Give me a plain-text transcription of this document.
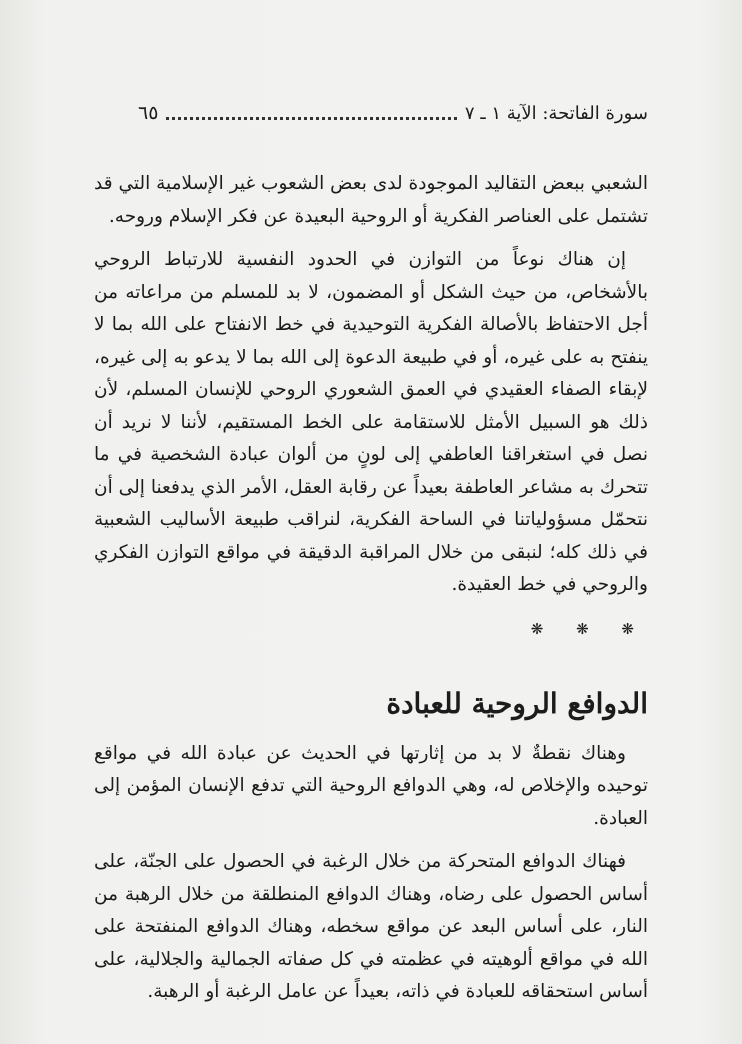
سورة الفاتحة: الآية ١ ـ ٧
٦٥

الشعبي ببعض التقاليد الموجودة لدى بعض الشعوب غير الإسلامية التي قد تشتمل على العناصر الفكرية أو الروحية البعيدة عن فكر الإسلام وروحه.

إن هناك نوعاً من التوازن في الحدود النفسية للارتباط الروحي بالأشخاص، من حيث الشكل أو المضمون، لا بد للمسلم من مراعاته من أجل الاحتفاظ بالأصالة الفكرية التوحيدية في خط الانفتاح على الله بما لا ينفتح به على غيره، أو في طبيعة الدعوة إلى الله بما لا يدعو به إلى غيره، لإبقاء الصفاء العقيدي في العمق الشعوري الروحي للإنسان المسلم، لأن ذلك هو السبيل الأمثل للاستقامة على الخط المستقيم، لأننا لا نريد أن نصل في استغراقنا العاطفي إلى لونٍ من ألوان عبادة الشخصية في ما تتحرك به مشاعر العاطفة بعيداً عن رقابة العقل، الأمر الذي يدفعنا إلى أن نتحمّل مسؤولياتنا في الساحة الفكرية، لنراقب طبيعة الأساليب الشعبية في ذلك كله؛ لنبقى من خلال المراقبة الدقيقة في مواقع التوازن الفكري والروحي في خط العقيدة.

❋ ❋ ❋
الدوافع الروحية للعبادة

وهناك نقطةٌ لا بد من إثارتها في الحديث عن عبادة الله في مواقع توحيده والإخلاص له، وهي الدوافع الروحية التي تدفع الإنسان المؤمن إلى العبادة.

فهناك الدوافع المتحركة من خلال الرغبة في الحصول على الجنّة، على أساس الحصول على رضاه، وهناك الدوافع المنطلقة من خلال الرهبة من النار، على أساس البعد عن مواقع سخطه، وهناك الدوافع المنفتحة على الله في مواقع ألوهيته في عظمته في كل صفاته الجمالية والجلالية، على أساس استحقاقه للعبادة في ذاته، بعيداً عن عامل الرغبة أو الرهبة.
